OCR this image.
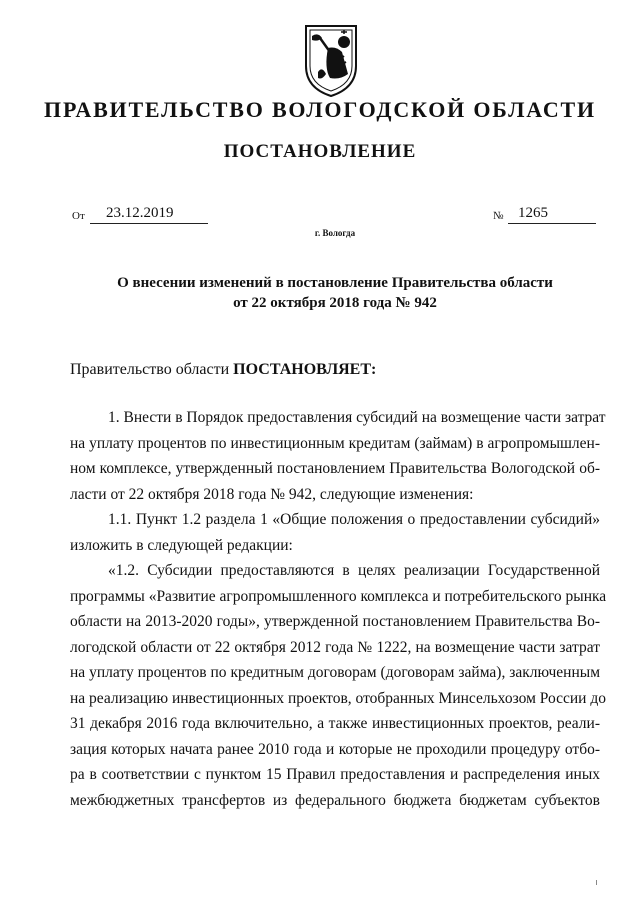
ПРАВИТЕЛЬСТВО ВОЛОГОДСКОЙ ОБЛАСТИ
ПОСТАНОВЛЕНИЕ
От 23.12.2019	№ 1265
г. Вологда
О внесении изменений в постановление Правительства области
от 22 октября 2018 года № 942
Правительство области ПОСТАНОВЛЯЕТ:
1. Внести в Порядок предоставления субсидий на возмещение части затрат
на уплату процентов по инвестиционным кредитам (займам) в агропромышлен-
ном комплексе, утвержденный постановлением Правительства Вологодской об-
ласти от 22 октября 2018 года № 942, следующие изменения:
1.1. Пункт 1.2 раздела 1 «Общие положения о предоставлении субсидий»
изложить в следующей редакции:
«1.2. Субсидии предоставляются в целях реализации Государственной
программы «Развитие агропромышленного комплекса и потребительского рынка
области на 2013-2020 годы», утвержденной постановлением Правительства Во-
логодской области от 22 октября 2012 года № 1222, на возмещение части затрат
на уплату процентов по кредитным договорам (договорам займа), заключенным
на реализацию инвестиционных проектов, отобранных Минсельхозом России до
31 декабря 2016 года включительно, а также инвестиционных проектов, реали-
зация которых начата ранее 2010 года и которые не проходили процедуру отбо-
ра в соответствии с пунктом 15 Правил предоставления и распределения иных
межбюджетных трансфертов из федерального бюджета бюджетам субъектов
